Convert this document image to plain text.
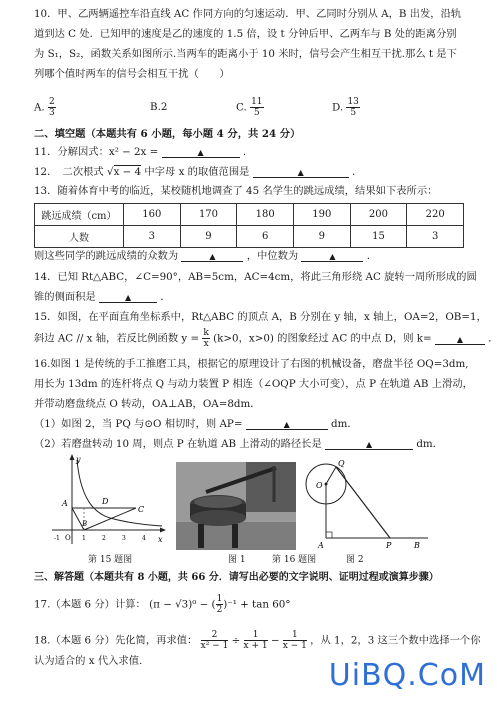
10．甲、乙两辆遥控车沿直线 AC 作同方向的匀速运动．甲、乙同时分别从 A，B 出发，沿轨
道到达 C 处．已知甲的速度是乙的速度的 1.5 倍，设 t 分钟后甲、乙两车与 B 处的距离分别
为 S₁，S₂，函数关系如图所示.当两车的距离小于 10 米时，信号会产生相互干扰.那么 t 是下
列哪个值时两车的信号会相互干扰（　　）
A. $\frac{2}{3}$	B.2	C. $\frac{11}{5}$	D. $\frac{13}{5}$
二、填空题（本题共有 6 小题，每小题 4 分，共 24 分）
11．分解因式：x² − 2x =	▲	.
12．　二次根式 √x − 4 中字母 x 的取值范围是	▲	.
13．随着体育中考的临近，某校随机地调查了 45 名学生的跳远成绩，结果如下表所示：
跳远成绩（cm）	160	170	180	190	200	220
人数	3	9	6	9	15	3
则这些同学的跳远成绩的众数为	▲	，中位数为	▲	．
14．已知 Rt△ABC，∠C=90°，AB=5cm，AC=4cm，将此三角形绕 AC 旋转一周所形成的圆
锥的侧面积是	▲	．
15．如图，在平面直角坐标系中，Rt△ABC 的顶点 A，B 分别在 y 轴，x 轴上，OA=2，OB=1，
斜边 AC // x 轴，若反比例函数 $y = \frac{k}{x} (k>0$，x>0) 的图象经过 AC 的中点 D，则 k=	▲ ．
16.如图 1 是传统的手工推磨工具，根据它的原理设计了右图的机械设备，磨盘半径 OQ=3dm,
用长为 13dm 的连杆将点 Q 与动力装置 P 相连（∠OQP 大小可变），点 P 在轨道 AB 上滑动，
并带动磨盘绕点 O 转动，OA⊥AB，OA=8dm．
（1）如图 2，当 PQ 与⊙O 相切时，则 AP=	▲	dm．
（2）若磨盘转动 10 周，则点 P 在轨道 AB 上滑动的路径长是	▲	dm．
y
A	D
C
O
B
x
-1	1	2	3	4
Q
O
A	P	B
第 15 题图	图 1	第 16 题图	图 2
三、解答题（本题共有 8 小题，共 66 分．请写出必要的文字说明、证明过程或演算步骤）
17.（本题 6 分）计算： (π − √3)⁰ − ( $\frac{1}{2} )^{-1} + \tan 60^\circ$
18.（本题 6 分）先化简，再求值： $\frac{2}{\text{x² − 1}} \div \frac{1}{x + 1} - \frac{1}{x - 1}$ ，从 1，2，3 这三个数中选择一个你
认为适合的 x 代入求值.	UiBQ.CoM
